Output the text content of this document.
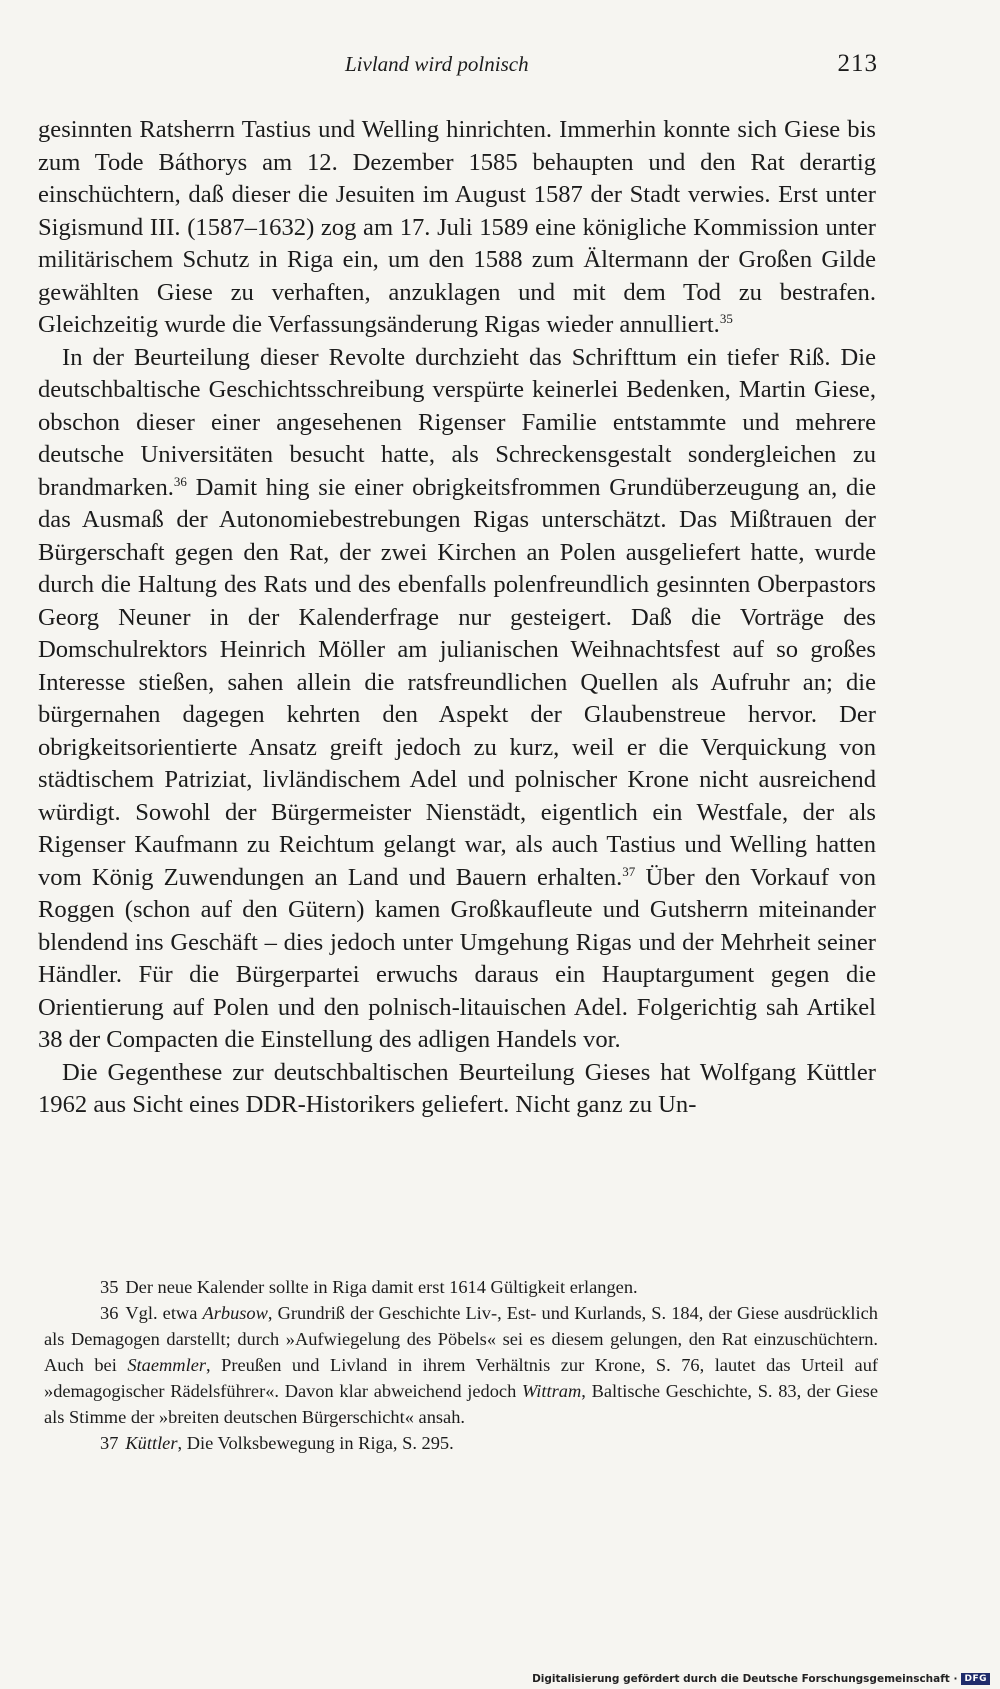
Livland wird polnisch	213

gesinnten Ratsherrn Tastius und Welling hinrichten. Immerhin konnte sich Giese bis zum Tode Báthorys am 12. Dezember 1585 behaupten und den Rat derartig einschüchtern, daß dieser die Jesuiten im August 1587 der Stadt verwies. Erst unter Sigismund III. (1587–1632) zog am 17. Juli 1589 eine königliche Kommission unter militärischem Schutz in Riga ein, um den 1588 zum Ältermann der Großen Gilde gewählten Giese zu verhaften, anzuklagen und mit dem Tod zu bestrafen. Gleichzeitig wurde die Verfassungsänderung Rigas wieder annulliert.$^{35}$

In der Beurteilung dieser Revolte durchzieht das Schrifttum ein tiefer Riß. Die deutschbaltische Geschichtsschreibung verspürte keinerlei Bedenken, Martin Giese, obschon dieser einer angesehenen Rigenser Familie entstammte und mehrere deutsche Universitäten besucht hatte, als Schreckensgestalt sondergleichen zu brandmarken.$^{36}$ Damit hing sie einer obrigkeitsfrommen Grundüberzeugung an, die das Ausmaß der Autonomiebestrebungen Rigas unterschätzt. Das Mißtrauen der Bürgerschaft gegen den Rat, der zwei Kirchen an Polen ausgeliefert hatte, wurde durch die Haltung des Rats und des ebenfalls polenfreundlich gesinnten Oberpastors Georg Neuner in der Kalenderfrage nur gesteigert. Daß die Vorträge des Domschulrektors Heinrich Möller am julianischen Weihnachtsfest auf so großes Interesse stießen, sahen allein die ratsfreundlichen Quellen als Aufruhr an; die bürgernahen dagegen kehrten den Aspekt der Glaubenstreue hervor. Der obrigkeitsorientierte Ansatz greift jedoch zu kurz, weil er die Verquickung von städtischem Patriziat, livländischem Adel und polnischer Krone nicht ausreichend würdigt. Sowohl der Bürgermeister Nienstädt, eigentlich ein Westfale, der als Rigenser Kaufmann zu Reichtum gelangt war, als auch Tastius und Welling hatten vom König Zuwendungen an Land und Bauern erhalten.$^{37}$ Über den Vorkauf von Roggen (schon auf den Gütern) kamen Großkaufleute und Gutsherrn miteinander blendend ins Geschäft – dies jedoch unter Umgehung Rigas und der Mehrheit seiner Händler. Für die Bürgerpartei erwuchs daraus ein Hauptargument gegen die Orientierung auf Polen und den polnisch-litauischen Adel. Folgerichtig sah Artikel 38 der Compacten die Einstellung des adligen Handels vor.

Die Gegenthese zur deutschbaltischen Beurteilung Gieses hat Wolfgang Küttler 1962 aus Sicht eines DDR-Historikers geliefert. Nicht ganz zu Un-

35 Der neue Kalender sollte in Riga damit erst 1614 Gültigkeit erlangen.

36 Vgl. etwa Arbusow, Grundriß der Geschichte Liv-, Est- und Kurlands, S. 184, der Giese ausdrücklich als Demagogen darstellt; durch »Aufwiegelung des Pöbels« sei es diesem gelungen, den Rat einzuschüchtern. Auch bei Staemmler, Preußen und Livland in ihrem Verhältnis zur Krone, S. 76, lautet das Urteil auf »demagogischer Rädelsführer«. Davon klar abweichend jedoch Wittram, Baltische Geschichte, S. 83, der Giese als Stimme der »breiten deutschen Bürgerschicht« ansah.

37 Küttler, Die Volksbewegung in Riga, S. 295.

Digitalisierung gefördert durch die Deutsche Forschungsgemeinschaft · DFG
